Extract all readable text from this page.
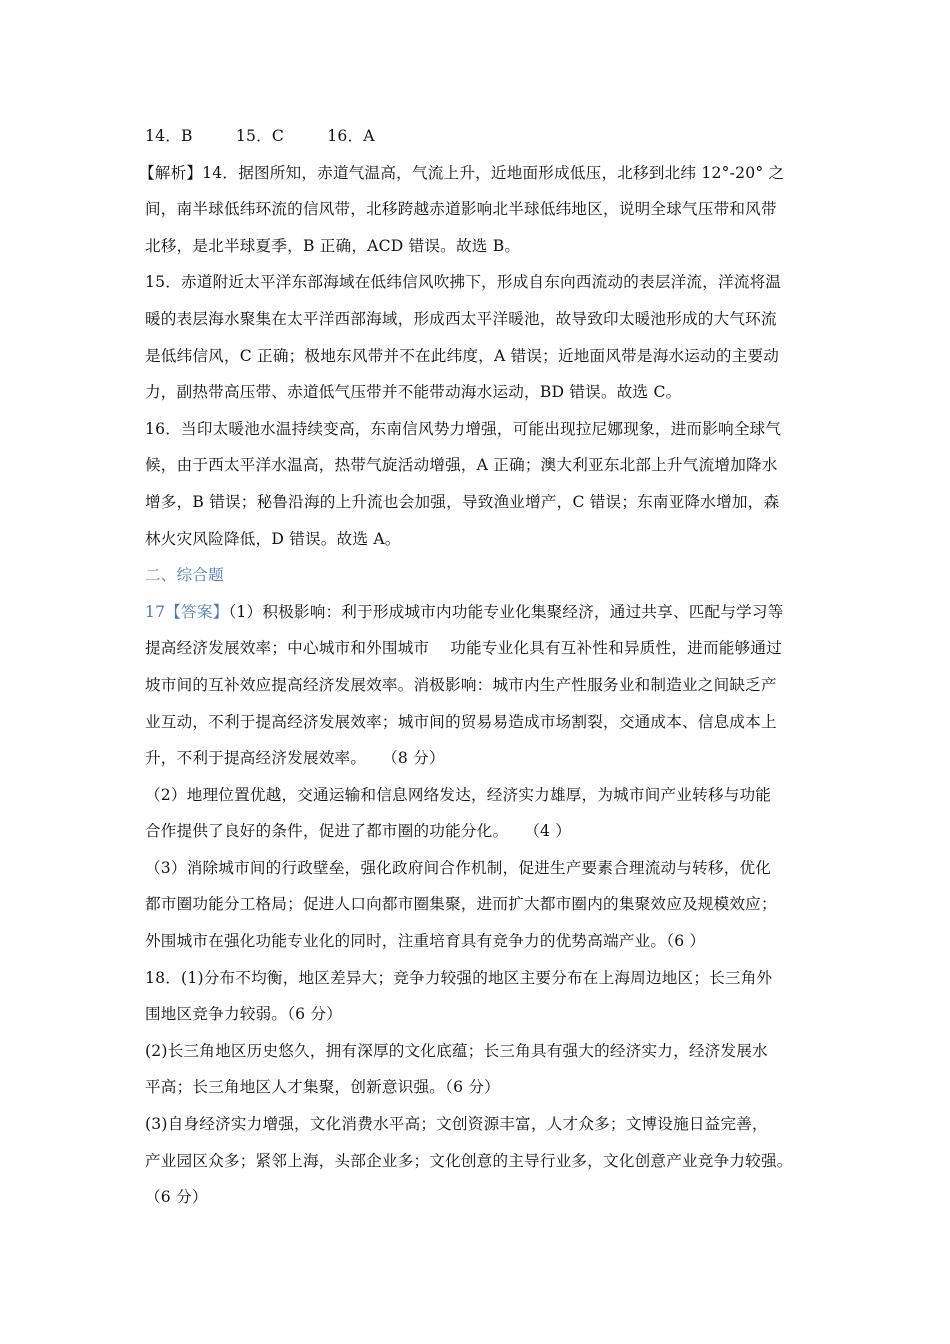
14．B	15．C	16．A
【解析】14．据图所知，赤道气温高，气流上升，近地面形成低压，北移到北纬 12°-20° 之
间，南半球低纬环流的信风带，北移跨越赤道影响北半球低纬地区，说明全球气压带和风带
北移，是北半球夏季，B 正确，ACD 错误。故选 B。
15．赤道附近太平洋东部海域在低纬信风吹拂下，形成自东向西流动的表层洋流，洋流将温
暖的表层海水聚集在太平洋西部海域，形成西太平洋暖池，故导致印太暖池形成的大气环流
是低纬信风，C 正确；极地东风带并不在此纬度，A 错误；近地面风带是海水运动的主要动
力，副热带高压带、赤道低气压带并不能带动海水运动，BD 错误。故选 C。
16．当印太暖池水温持续变高，东南信风势力增强，可能出现拉尼娜现象，进而影响全球气
候，由于西太平洋水温高，热带气旋活动增强，A 正确；澳大利亚东北部上升气流增加降水
增多，B 错误；秘鲁沿海的上升流也会加强，导致渔业增产，C 错误；东南亚降水增加，森
林火灾风险降低，D 错误。故选 A。
二、综合题
17【答案】（1）积极影响：利于形成城市内功能专业化集聚经济，通过共享、匹配与学习等
提高经济发展效率；中心城市和外围城市　 功能专业化具有互补性和异质性，进而能够通过
坡市间的互补效应提高经济发展效率。消极影响：城市内生产性服务业和制造业之间缺乏产
业互动，不利于提高经济发展效率；城市间的贸易易造成市场割裂，交通成本、信息成本上
升，不利于提高经济发展效率。　　（8 分）
（2）地理位置优越，交通运输和信息网络发达，经济实力雄厚，为城市间产业转移与功能
合作提供了良好的条件，促进了都市圈的功能分化。　　（4 ）
（3）消除城市间的行政壁垒，强化政府间合作机制，促进生产要素合理流动与转移，优化
都市圈功能分工格局；促进人口向都市圈集聚，进而扩大都市圈内的集聚效应及规模效应；
外围城市在强化功能专业化的同时，注重培育具有竞争力的优势高端产业。（6 ）
18．(1)分布不均衡，地区差异大；竞争力较强的地区主要分布在上海周边地区；长三角外
围地区竞争力较弱。（6 分）
(2)长三角地区历史悠久，拥有深厚的文化底蕴；长三角具有强大的经济实力，经济发展水
平高；长三角地区人才集聚，创新意识强。（6 分）
(3)自身经济实力增强，文化消费水平高；文创资源丰富，人才众多；文博设施日益完善，
产业园区众多；紧邻上海，头部企业多；文化创意的主导行业多，文化创意产业竞争力较强。
（6 分）
